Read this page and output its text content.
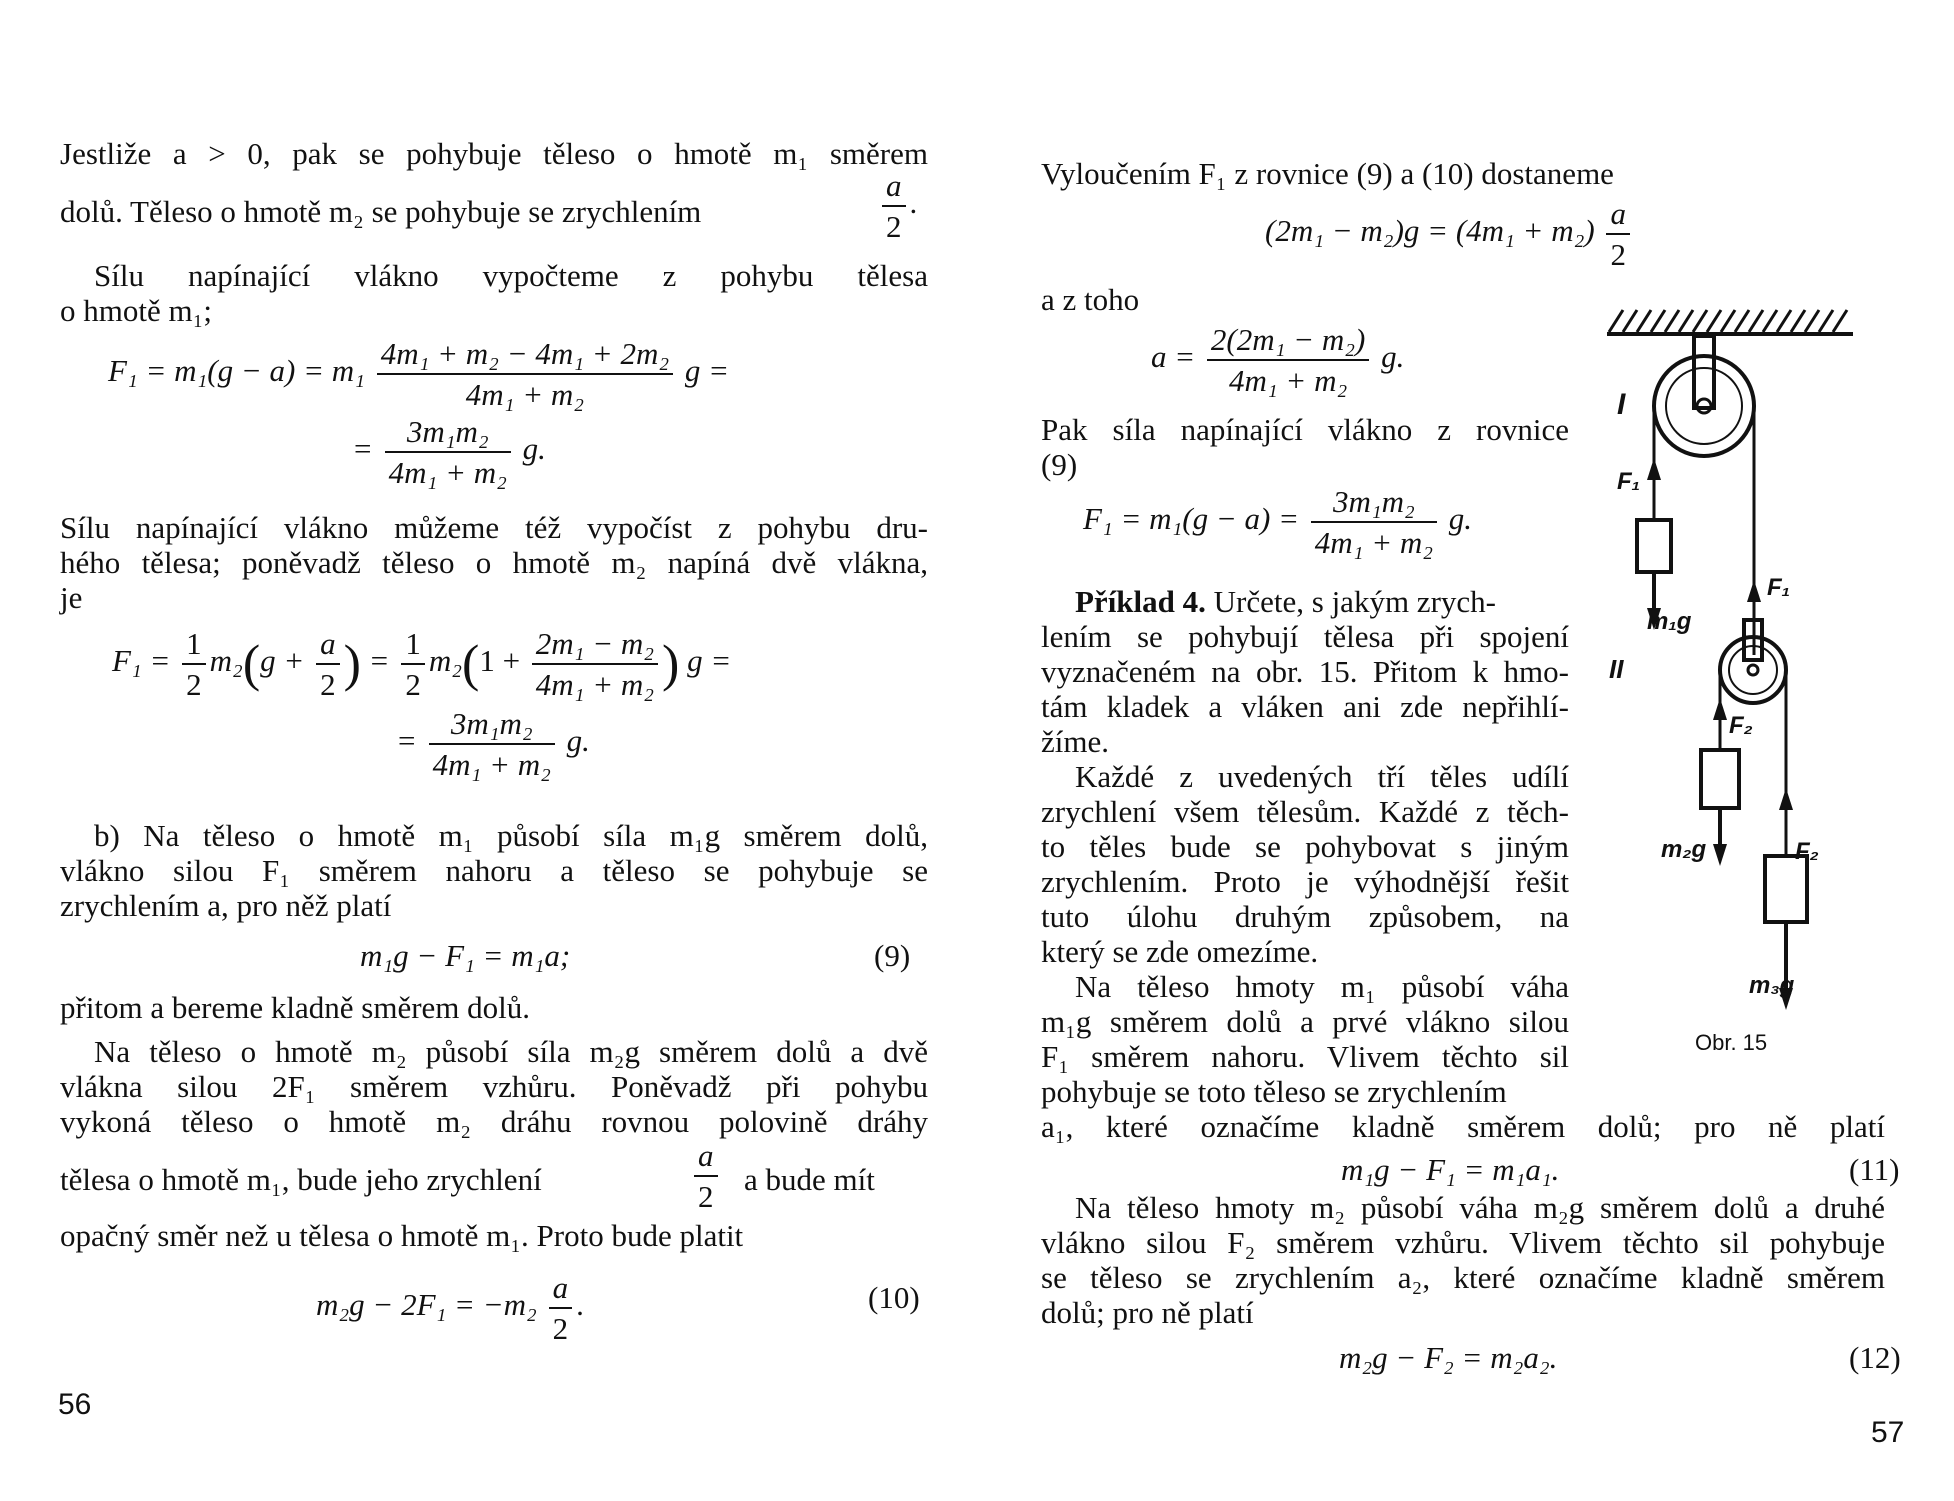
Jestliže a > 0, pak se pohybuje těleso o hmotě m₁ směrem
dolů. Těleso o hmotě m₂ se pohybuje se zrychlením	$\frac{a}{2}$ .
Sílu napínající vlákno vypočteme z pohybu tělesa
o hmotě m₁;
$F_1 = m_1(g - a) = m_1 \frac{\text{4m₁ + m₂ − 4m₁ + 2m₂}}{\text{4m₁ + m₂}}$ g =
= $\frac{\text{3m₁m₂}}{\text{4m₁ + m₂}} g$.
Sílu napínající vlákno můžeme též vypočíst z pohybu dru-
hého tělesa; poněvadž těleso o hmotě m₂ napíná dvě vlákna,
je
$F_1 = \frac{1}{2} m_2(g + \frac{a}{2}$ ) = $\frac{1}{2} m_2(1 + \frac{\text{2m₁ − m₂}}{\text{4m₁ + m₂}}$ ) g =
= $\frac{\text{3m₁m₂}}{\text{4m₁ + m₂}} g$.
b) Na těleso o hmotě m₁ působí síla m₁g směrem dolů,
vlákno silou F₁ směrem nahoru a těleso se pohybuje se
zrychlením a, pro něž platí
m₁g − F₁ = m₁a;	(9)
přitom a bereme kladně směrem dolů.
Na těleso o hmotě m₂ působí síla m₂g směrem dolů a dvě
vlákna silou 2F₁ směrem vzhůru. Poněvadž při pohybu
vykoná těleso o hmotě m₂ dráhu rovnou polovině dráhy
tělesa o hmotě m₁, bude jeho zrychlení	$\frac{a}{2}$ a bude mít
opačný směr než u tělesa o hmotě m₁. Proto bude platit
$m_2g - 2F_1 = -m_2 \frac{a}{2}$ .	(10)
56
Vyloučením F₁ z rovnice (9) a (10) dostaneme
$(2m_1 - m_2)g = (4m_1 + m_2) \frac{a}{2}$
a z toho
$a = \frac{\text{2(2m₁ − m₂)}}{\text{4m₁ + m₂}} g$.
Pak síla napínající vlákno z rovnice
(9)
$F_1 = m_1(g - a) = \frac{\text{3m₁m₂}}{\text{4m₁ + m₂}} g$.
Příklad 4. Určete, s jakým zrych-
lením se pohybují tělesa při spojení
vyznačeném na obr. 15. Přitom k hmo-
tám kladek a vláken ani zde nepřihlí-
žíme.
Každé z uvedených tří těles udílí
zrychlení všem tělesům. Každé z těch-
to těles bude se pohybovat s jiným
zrychlením. Proto je výhodnější řešit
tuto úlohu druhým způsobem, na
který se zde omezíme.
Na těleso hmoty m₁ působí váha
m₁g směrem dolů a prvé vlákno silou
F₁ směrem nahoru. Vlivem těchto sil
pohybuje se toto těleso se zrychlením
a₁, které označíme kladně směrem dolů; pro ně platí
m₁g − F₁ = m₁a₁.	(11)
Na těleso hmoty m₂ působí váha m₂g směrem dolů a druhé
vlákno silou F₂ směrem vzhůru. Vlivem těchto sil pohybuje
se těleso se zrychlením a₂, které označíme kladně směrem
dolů; pro ně platí
m₂g − F₂ = m₂a₂.	(12)
57
I
II
F₁
m₁g
F₁
F₂
m₂g	F₂
m₃g
Obr. 15
